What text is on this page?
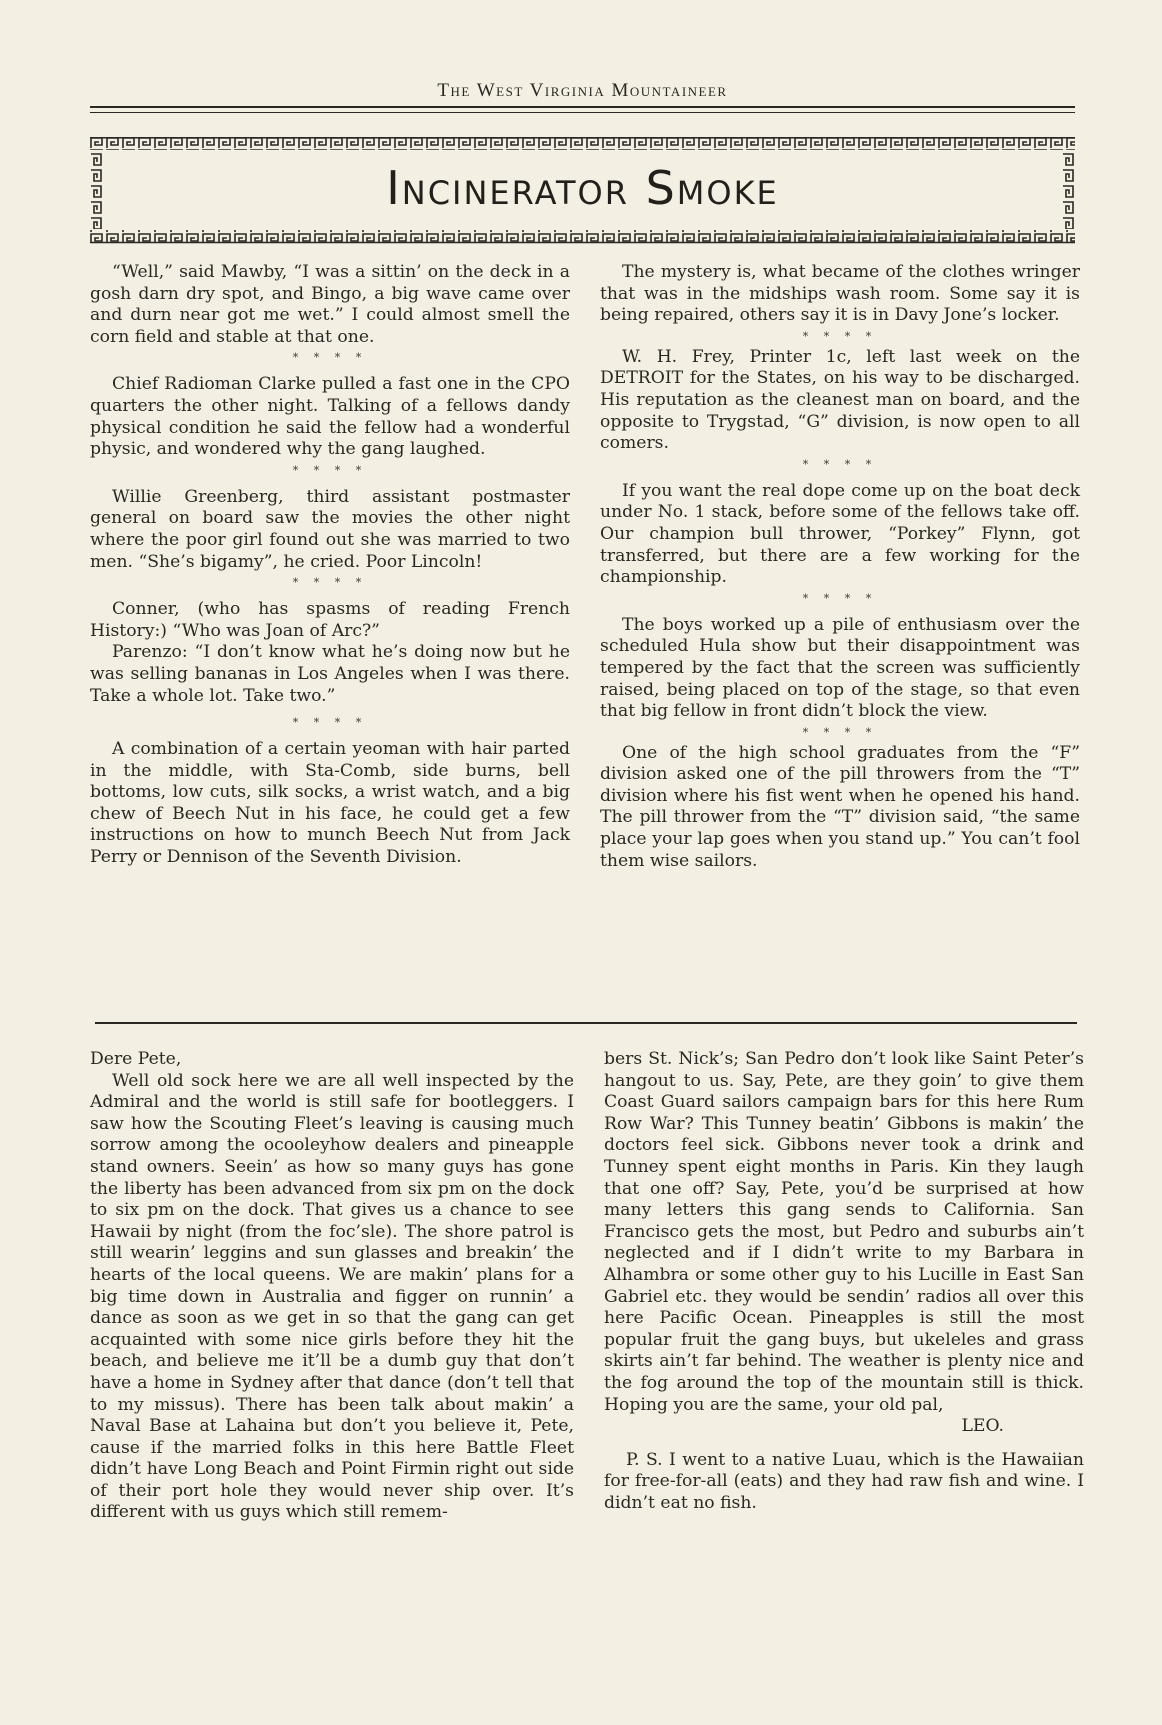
The West Virginia Mountaineer
Incinerator Smoke

“Well,” said Mawby, “I was a sittin’ on the deck in a gosh darn dry spot, and Bingo, a big wave came over and durn near got me wet.” I could almost smell the corn field and stable at that one.

* * * *

Chief Radioman Clarke pulled a fast one in the CPO quarters the other night. Talking of a fellows dandy physical condition he said the fellow had a wonderful physic, and wondered why the gang laughed.

* * * *

Willie Greenberg, third assistant postmaster general on board saw the movies the other night where the poor girl found out she was married to two men. “She’s bigamy”, he cried. Poor Lincoln!

* * * *

Conner, (who has spasms of reading French History:) “Who was Joan of Arc?”

Parenzo: “I don’t know what he’s doing now but he was selling bananas in Los Angeles when I was there. Take a whole lot. Take two.”

* * * *

A combination of a certain yeoman with hair parted in the middle, with Sta-Comb, side burns, bell bottoms, low cuts, silk socks, a wrist watch, and a big chew of Beech Nut in his face, he could get a few instructions on how to munch Beech Nut from Jack Perry or Dennison of the Seventh Division.

The mystery is, what became of the clothes wringer that was in the midships wash room. Some say it is being repaired, others say it is in Davy Jone’s locker.

* * * *

W. H. Frey, Printer 1c, left last week on the DETROIT for the States, on his way to be discharged. His reputation as the cleanest man on board, and the opposite to Trygstad, “G” division, is now open to all comers.

* * * *

If you want the real dope come up on the boat deck under No. 1 stack, before some of the fellows take off. Our champion bull thrower, “Porkey” Flynn, got transferred, but there are a few working for the championship.

* * * *

The boys worked up a pile of enthusiasm over the scheduled Hula show but their disappointment was tempered by the fact that the screen was sufficiently raised, being placed on top of the stage, so that even that big fellow in front didn’t block the view.

* * * *

One of the high school graduates from the “F” division asked one of the pill throwers from the “T” division where his fist went when he opened his hand. The pill thrower from the “T” division said, “the same place your lap goes when you stand up.” You can’t fool them wise sailors.

Dere Pete,

Well old sock here we are all well inspected by the Admiral and the world is still safe for bootleggers. I saw how the Scouting Fleet’s leaving is causing much sorrow among the ocooleyhow dealers and pineapple stand owners. Seein’ as how so many guys has gone the liberty has been advanced from six pm on the dock to six pm on the dock. That gives us a chance to see Hawaii by night (from the foc’sle). The shore patrol is still wearin’ leggins and sun glasses and breakin’ the hearts of the local queens. We are makin’ plans for a big time down in Australia and figger on runnin’ a dance as soon as we get in so that the gang can get acquainted with some nice girls before they hit the beach, and believe me it’ll be a dumb guy that don’t have a home in Sydney after that dance (don’t tell that to my missus). There has been talk about makin’ a Naval Base at Lahaina but don’t you believe it, Pete, cause if the married folks in this here Battle Fleet didn’t have Long Beach and Point Firmin right out side of their port hole they would never ship over. It’s different with us guys which still remem-

bers St. Nick’s; San Pedro don’t look like Saint Peter’s hangout to us. Say, Pete, are they goin’ to give them Coast Guard sailors campaign bars for this here Rum Row War? This Tunney beatin’ Gibbons is makin’ the doctors feel sick. Gibbons never took a drink and Tunney spent eight months in Paris. Kin they laugh that one off? Say, Pete, you’d be surprised at how many letters this gang sends to California. San Francisco gets the most, but Pedro and suburbs ain’t neglected and if I didn’t write to my Barbara in Alhambra or some other guy to his Lucille in East San Gabriel etc. they would be sendin’ radios all over this here Pacific Ocean. Pineapples is still the most popular fruit the gang buys, but ukeleles and grass skirts ain’t far behind. The weather is plenty nice and the fog around the top of the mountain still is thick. Hoping you are the same, your old pal,

LEO.

P. S. I went to a native Luau, which is the Hawaiian for free-for-all (eats) and they had raw fish and wine. I didn’t eat no fish.
